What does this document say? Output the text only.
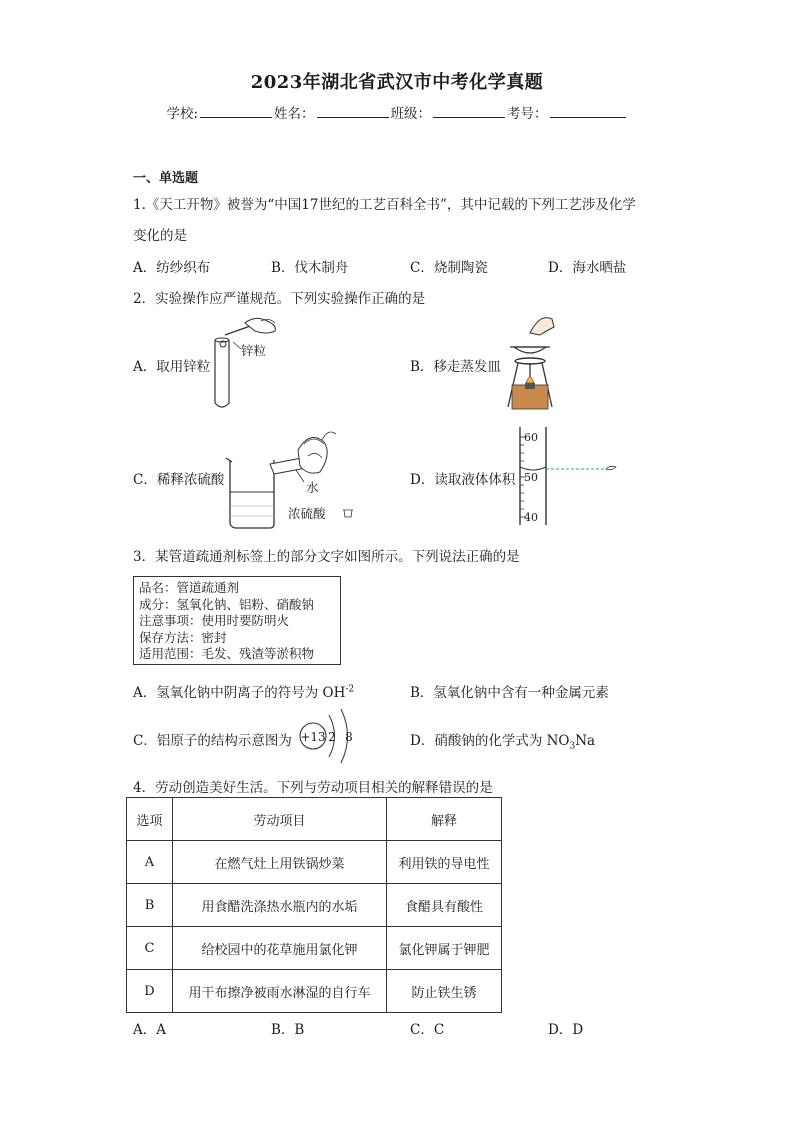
2023年湖北省武汉市中考化学真题
学校:	姓名：	班级：	考号：
一、单选题
1.《天工开物》被誉为“中国17世纪的工艺百科全书”，其中记载的下列工艺涉及化学
变化的是
A．纺纱织布	B．伐木制舟	C．烧制陶瓷	D．海水晒盐
2．实验操作应严谨规范。下列实验操作正确的是
A．取用锌粒
锌粒
B．移走蒸发皿
C．稀释浓硫酸	水
浓硫酸
D．读取液体体积
60
50
40
3．某管道疏通剂标签上的部分文字如图所示。下列说法正确的是
品名：管道疏通剂
成分：氢氧化钠、铝粉、硝酸钠
注意事项：使用时要防明火
保存方法：密封
适用范围：毛发、残渣等淤积物
A．氢氧化钠中阴离子的符号为 $OH^{-2}$	B．氢氧化钠中含有一种金属元素
C．铝原子的结构示意图为 +13 2 8	D．硝酸钠的化学式为 $NO_3Na$
4．劳动创造美好生活。下列与劳动项目相关的解释错误的是
选项	劳动项目	解释
A	在燃气灶上用铁锅炒菜	利用铁的导电性
B	用食醋洗涤热水瓶内的水垢	食醋具有酸性
C	给校园中的花草施用氯化钾	氯化钾属于钾肥
D	用干布擦净被雨水淋湿的自行车	防止铁生锈
A．A	B．B	C．C	D．D
